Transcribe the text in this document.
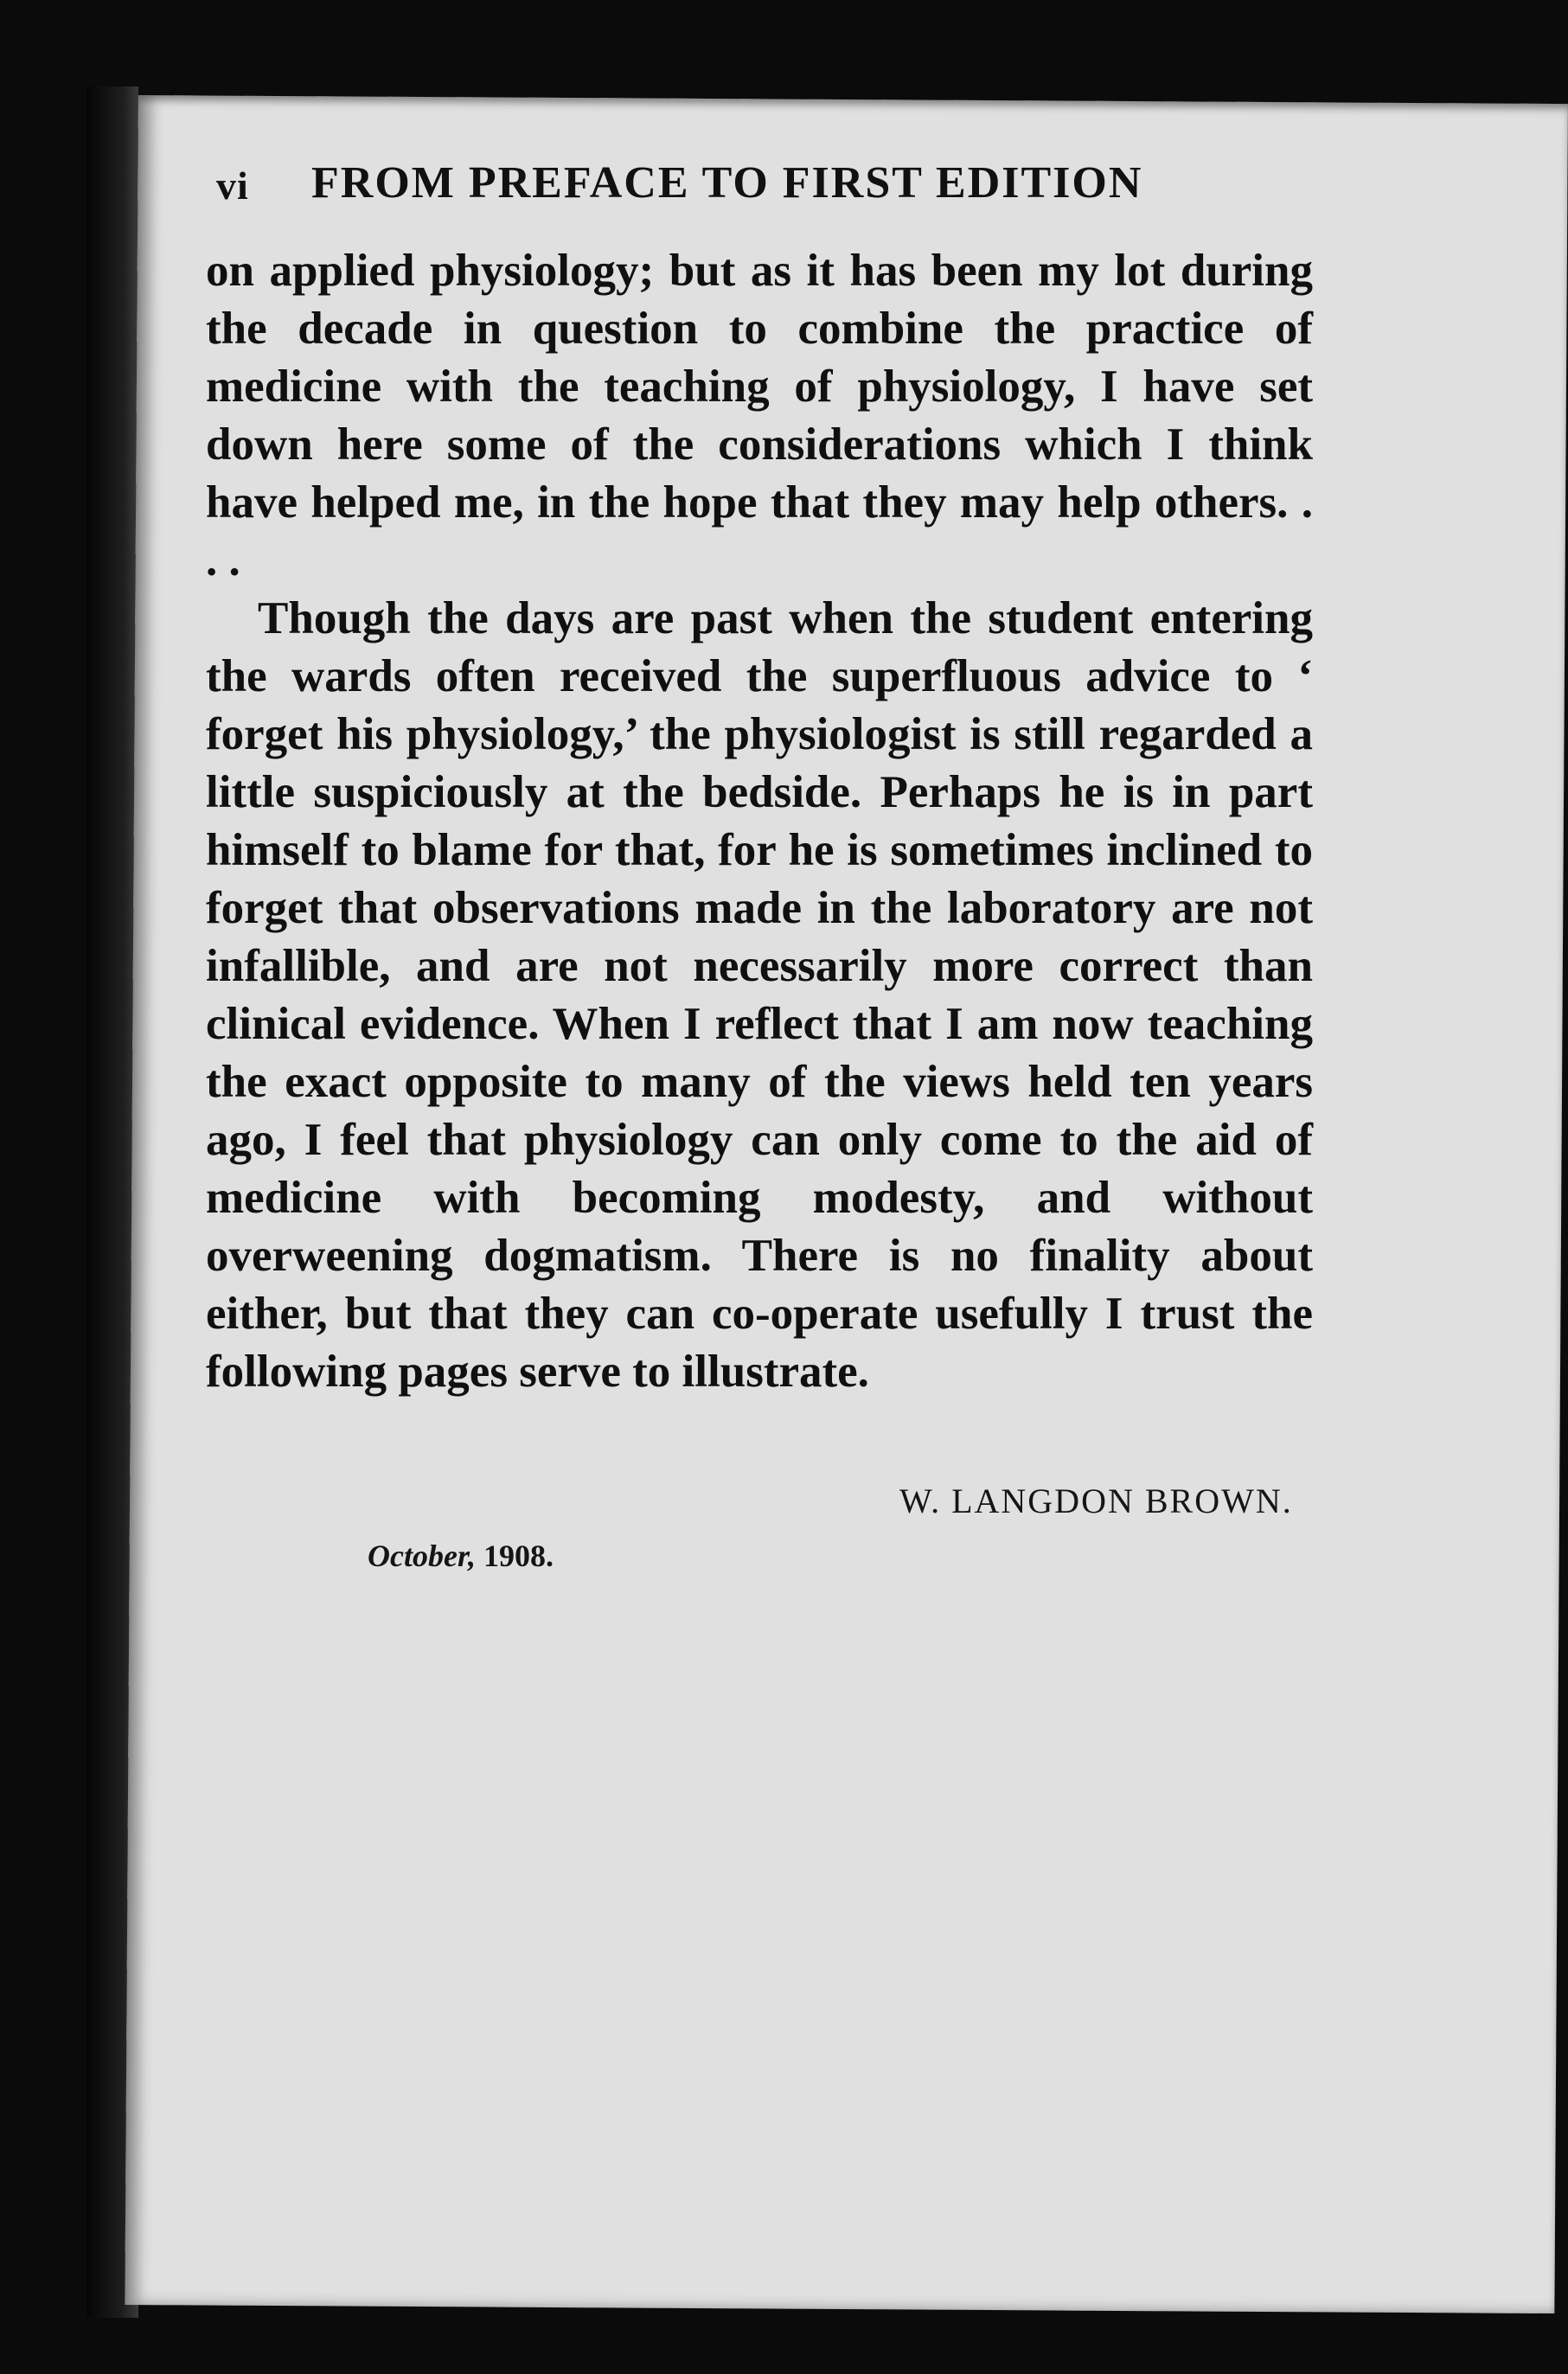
vi FROM PREFACE TO FIRST EDITION

on applied physiology; but as it has been my lot during the decade in question to combine the practice of medicine with the teaching of physiology, I have set down here some of the considerations which I think have helped me, in the hope that they may help others. . . .

Though the days are past when the student entering the wards often received the superfluous advice to ‘ forget his physiology,’ the physiologist is still regarded a little suspiciously at the bedside. Perhaps he is in part himself to blame for that, for he is sometimes inclined to forget that observations made in the laboratory are not infallible, and are not necessarily more correct than clinical evidence. When I reflect that I am now teaching the exact opposite to many of the views held ten years ago, I feel that physiology can only come to the aid of medicine with becoming modesty, and without overweening dogmatism. There is no finality about either, but that they can co-operate usefully I trust the following pages serve to illustrate.

W. LANGDON BROWN.
October, 1908.
